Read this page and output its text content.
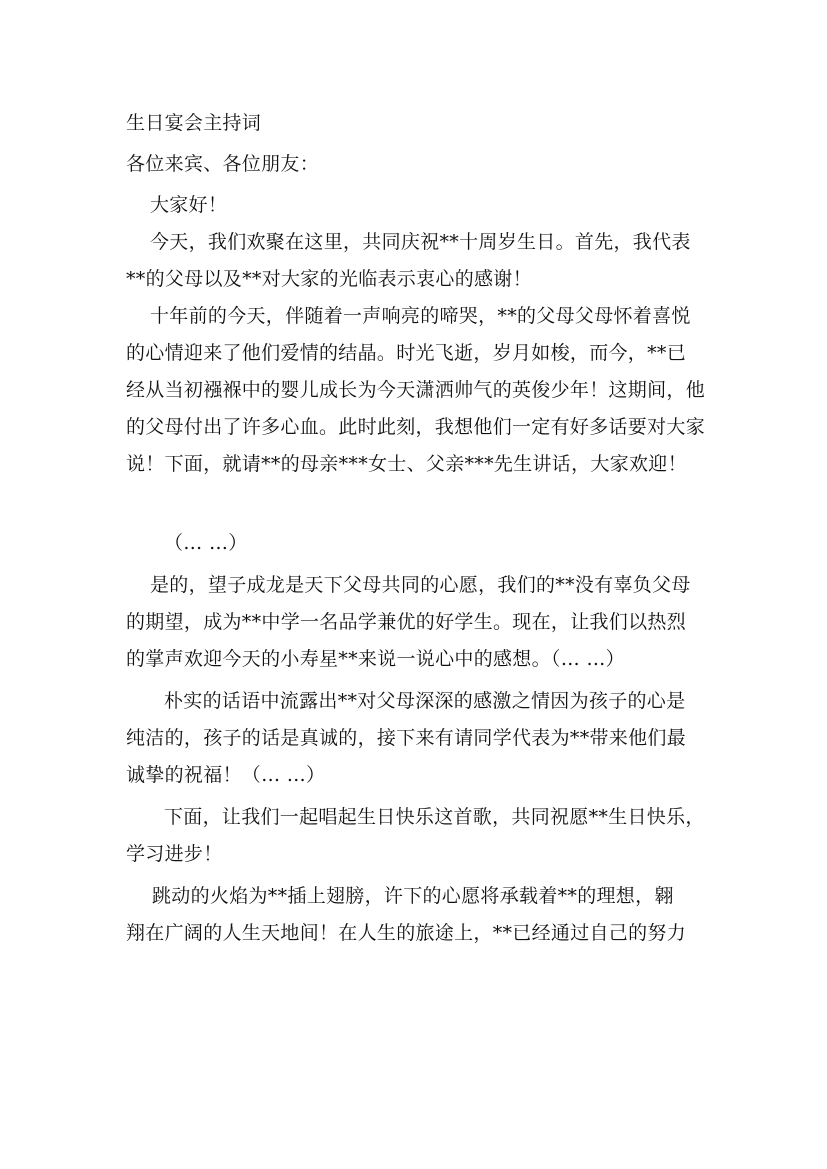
生日宴会主持词

各位来宾、各位朋友：

大家好！

今天，我们欢聚在这里，共同庆祝**十周岁生日。首先，我代表

**的父母以及**对大家的光临表示衷心的感谢！

十年前的今天，伴随着一声响亮的啼哭，**的父母父母怀着喜悦

的心情迎来了他们爱情的结晶。时光飞逝，岁月如梭，而今，**已

经从当初襁褓中的婴儿成长为今天潇洒帅气的英俊少年！这期间，他

的父母付出了许多心血。此时此刻，我想他们一定有好多话要对大家

说！下面，就请**的母亲***女士、父亲***先生讲话，大家欢迎！

（… …）

是的，望子成龙是天下父母共同的心愿，我们的**没有辜负父母

的期望，成为**中学一名品学兼优的好学生。现在，让我们以热烈

的掌声欢迎今天的小寿星**来说一说心中的感想。（… …）

朴实的话语中流露出**对父母深深的感激之情因为孩子的心是

纯洁的，孩子的话是真诚的，接下来有请同学代表为**带来他们最

诚挚的祝福！（… …）

下面，让我们一起唱起生日快乐这首歌，共同祝愿**生日快乐，

学习进步！

跳动的火焰为**插上翅膀，许下的心愿将承载着**的理想，翱

翔在广阔的人生天地间！在人生的旅途上，**已经通过自己的努力
